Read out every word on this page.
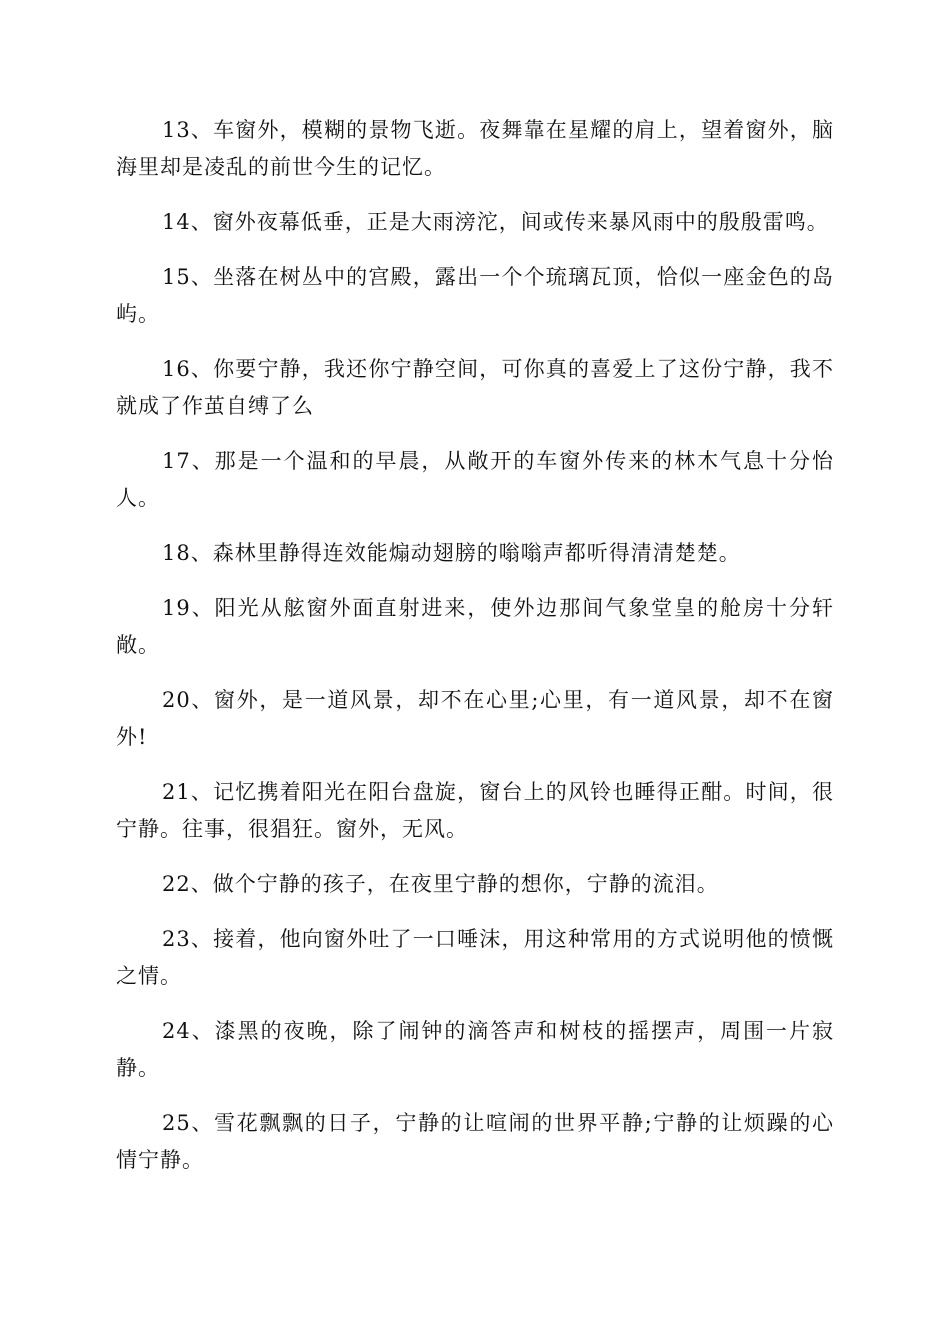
13、车窗外，模糊的景物飞逝。夜舞靠在星耀的肩上，望着窗外，脑海里却是凌乱的前世今生的记忆。

14、窗外夜幕低垂，正是大雨滂沱，间或传来暴风雨中的殷殷雷鸣。

15、坐落在树丛中的宫殿，露出一个个琉璃瓦顶，恰似一座金色的岛屿。

16、你要宁静，我还你宁静空间，可你真的喜爱上了这份宁静，我不就成了作茧自缚了么

17、那是一个温和的早晨，从敞开的车窗外传来的林木气息十分怡人。

18、森林里静得连效能煽动翅膀的嗡嗡声都听得清清楚楚。

19、阳光从舷窗外面直射进来，使外边那间气象堂皇的舱房十分轩敞。

20、窗外，是一道风景，却不在心里;心里，有一道风景，却不在窗外!

21、记忆携着阳光在阳台盘旋，窗台上的风铃也睡得正酣。时间，很宁静。往事，很猖狂。窗外，无风。

22、做个宁静的孩子，在夜里宁静的想你，宁静的流泪。

23、接着，他向窗外吐了一口唾沫，用这种常用的方式说明他的愤慨之情。

24、漆黑的夜晚，除了闹钟的滴答声和树枝的摇摆声，周围一片寂静。

25、雪花飘飘的日子，宁静的让喧闹的世界平静;宁静的让烦躁的心情宁静。
